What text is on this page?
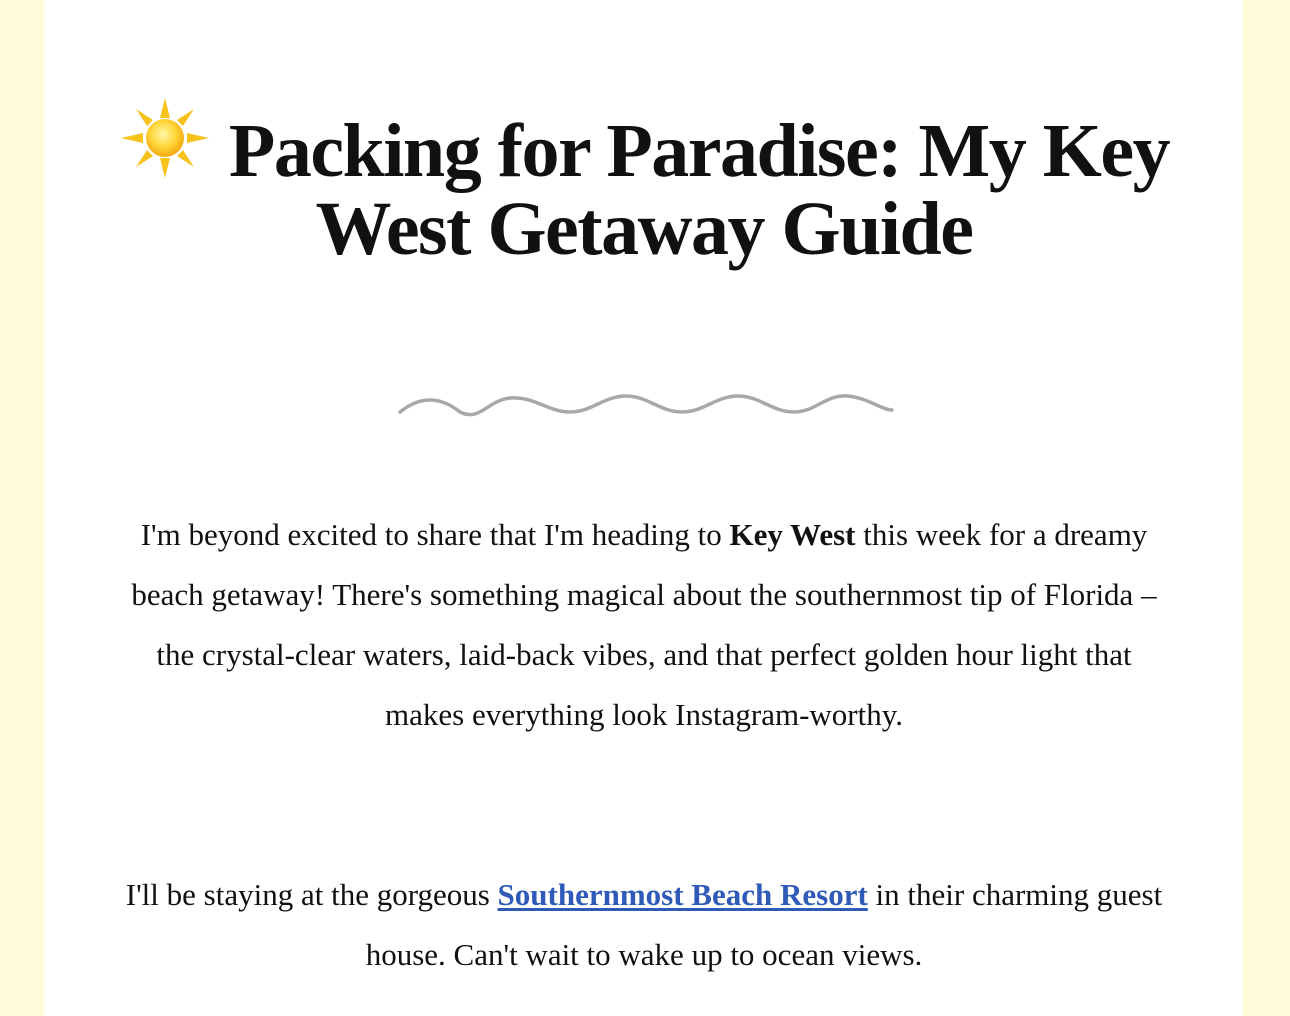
Packing for Paradise: My Key
West Getaway Guide

I'm beyond excited to share that I'm heading to Key West this week for a dreamy beach getaway! There's something magical about the southernmost tip of Florida – the crystal-clear waters, laid-back vibes, and that perfect golden hour light that makes everything look Instagram-worthy.

I'll be staying at the gorgeous Southernmost Beach Resort in their charming guest house. Can't wait to wake up to ocean views.
